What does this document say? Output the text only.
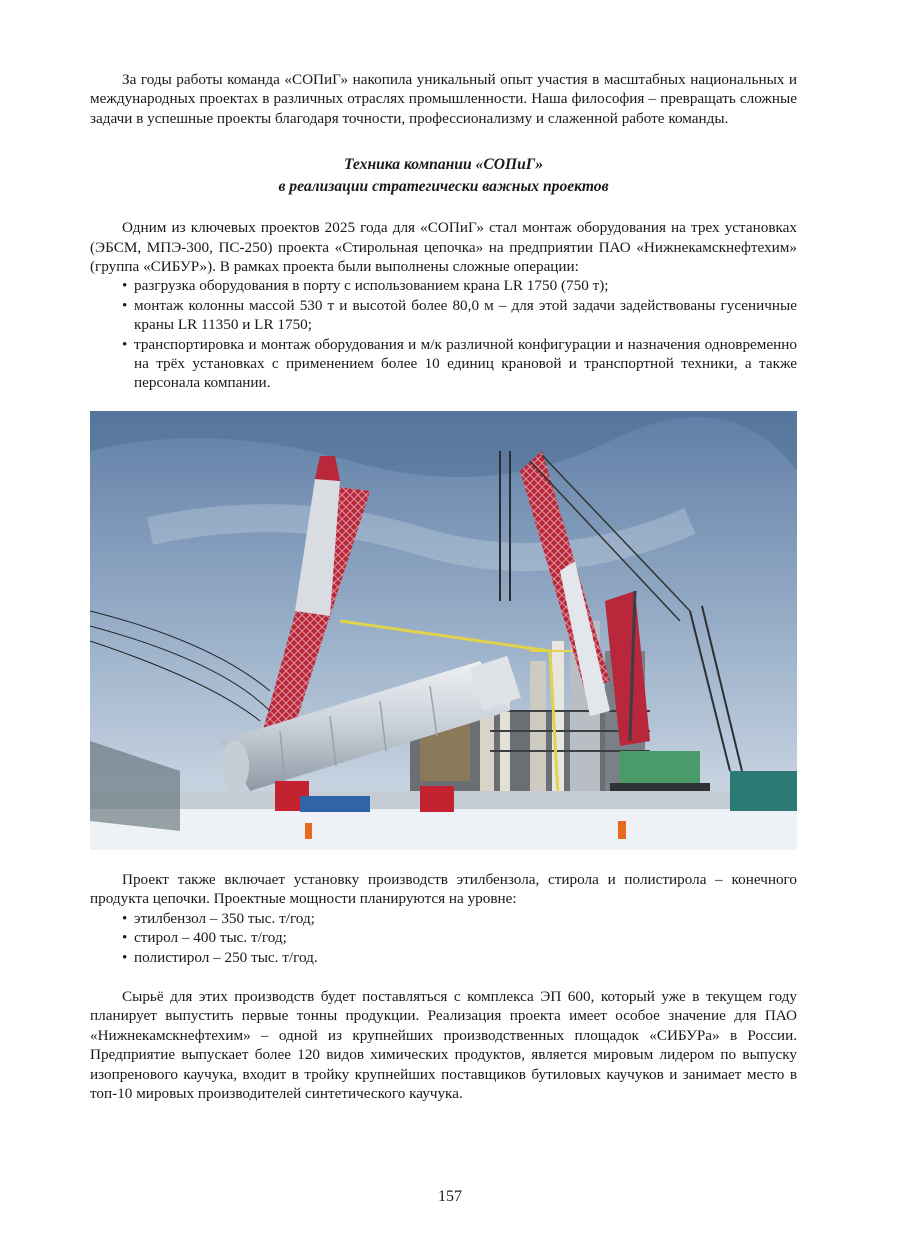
За годы работы команда «СОПиГ» накопила уникальный опыт участия в масштабных национальных и международных проектах в различных отраслях промышленности. Наша философия – превращать сложные задачи в успешные проекты благодаря точности, профессионализму и слаженной работе команды.

Техника компании «СОПиГ»
в реализации стратегически важных проектов

Одним из ключевых проектов 2025 года для «СОПиГ» стал монтаж оборудования на трех установках (ЭБСМ, МПЭ-300, ПС-250) проекта «Стирольная цепочка» на предприятии ПАО «Нижнекамскнефтехим» (группа «СИБУР»). В рамках проекта были выполнены сложные операции:

• разгрузка оборудования в порту с использованием крана LR 1750 (750 т);
• монтаж колонны массой 530 т и высотой более 80,0 м – для этой задачи задействованы гусеничные краны LR 11350 и LR 1750;
• транспортировка и монтаж оборудования и м/к различной конфигурации и назначения одновременно на трёх установках с применением более 10 единиц крановой и транспортной техники, а также персонала компании.

Проект также включает установку производств этилбензола, стирола и полистирола – конечного продукта цепочки. Проектные мощности планируются на уровне:

• этилбензол – 350 тыс. т/год;
• стирол – 400 тыс. т/год;
• полистирол – 250 тыс. т/год.

Сырьё для этих производств будет поставляться с комплекса ЭП 600, который уже в текущем году планирует выпустить первые тонны продукции. Реализация проекта имеет особое значение для ПАО «Нижнекамскнефтехим» – одной из крупнейших производственных площадок «СИБУРа» в России. Предприятие выпускает более 120 видов химических продуктов, является мировым лидером по выпуску изопренового каучука, входит в тройку крупнейших поставщиков бутиловых каучуков и занимает место в топ-10 мировых производителей синтетического каучука.

157
